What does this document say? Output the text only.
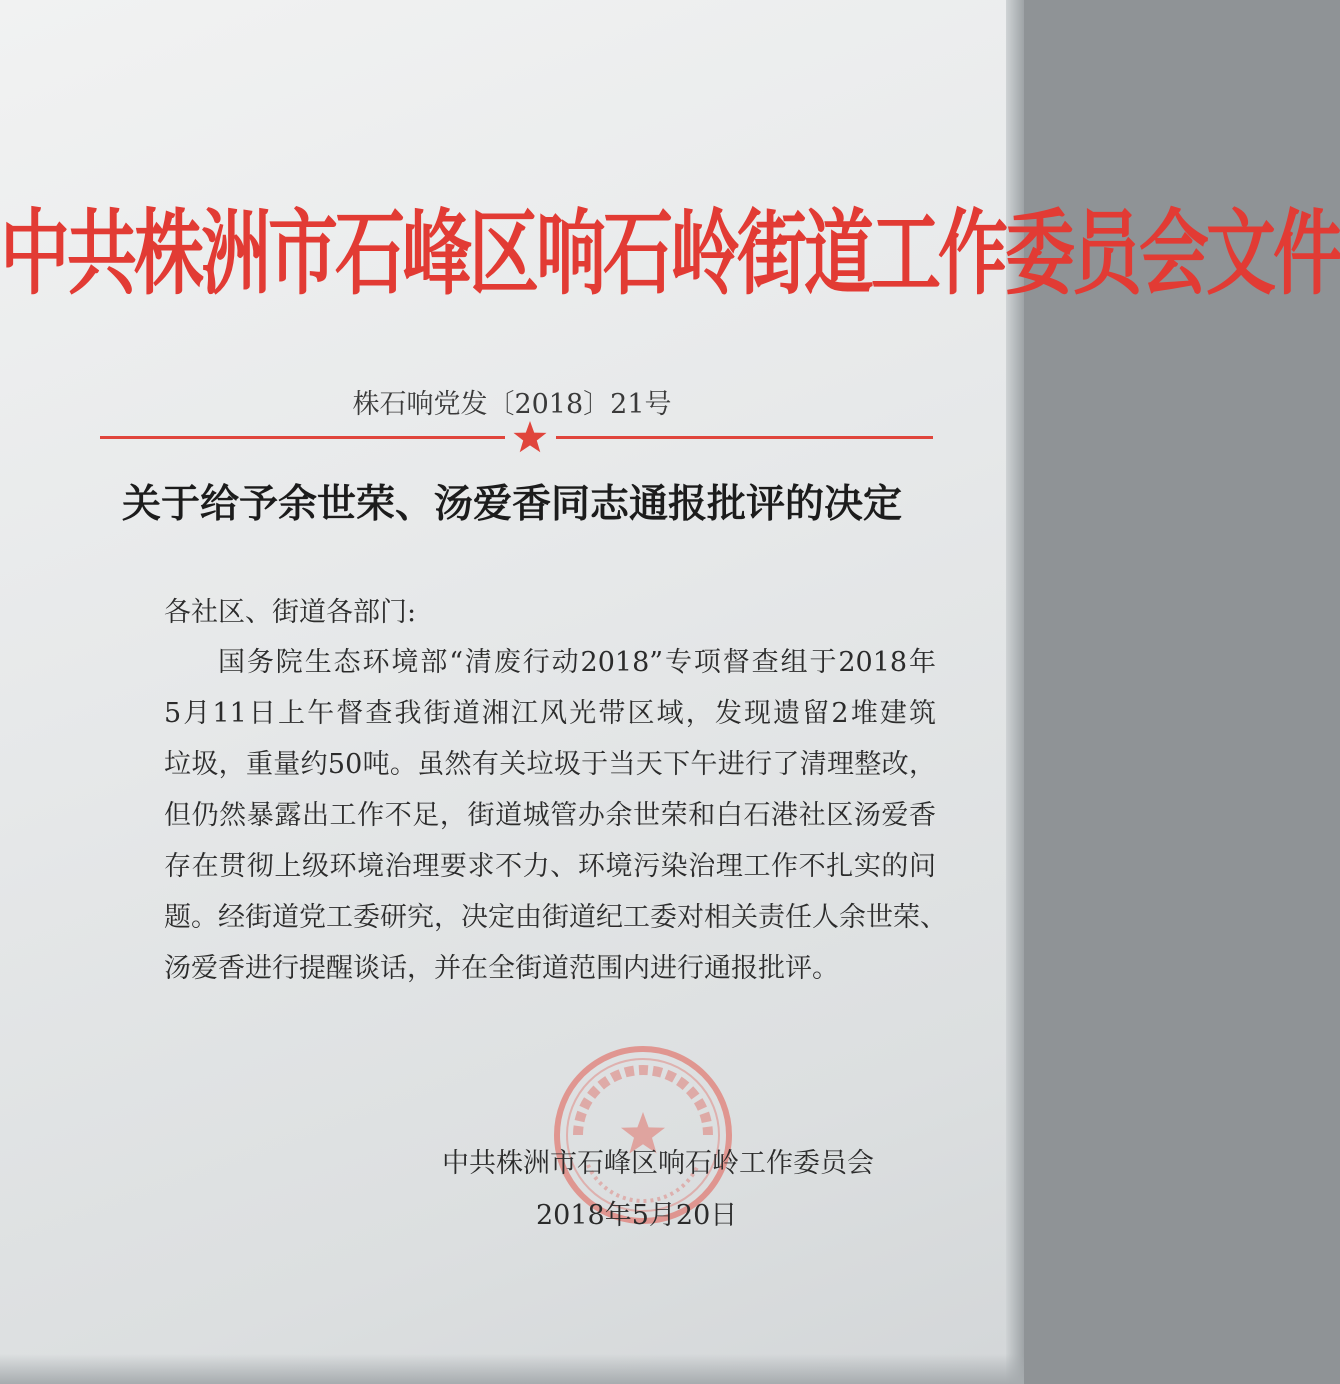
中共株洲市石峰区响石岭街道工作委员会文件
株石响党发〔2018〕21号
关于给予余世荣、汤爱香同志通报批评的决定
各社区、街道各部门:
国务院生态环境部“清废行动2018”专项督查组于2018年
5月11日上午督查我街道湘江风光带区域，发现遗留2堆建筑
垃圾，重量约50吨。虽然有关垃圾于当天下午进行了清理整改，
但仍然暴露出工作不足，街道城管办余世荣和白石港社区汤爱香
存在贯彻上级环境治理要求不力、环境污染治理工作不扎实的问
题。经街道党工委研究，决定由街道纪工委对相关责任人余世荣、
汤爱香进行提醒谈话，并在全街道范围内进行通报批评。
中共株洲市石峰区响石岭工作委员会
2018年5月20日
